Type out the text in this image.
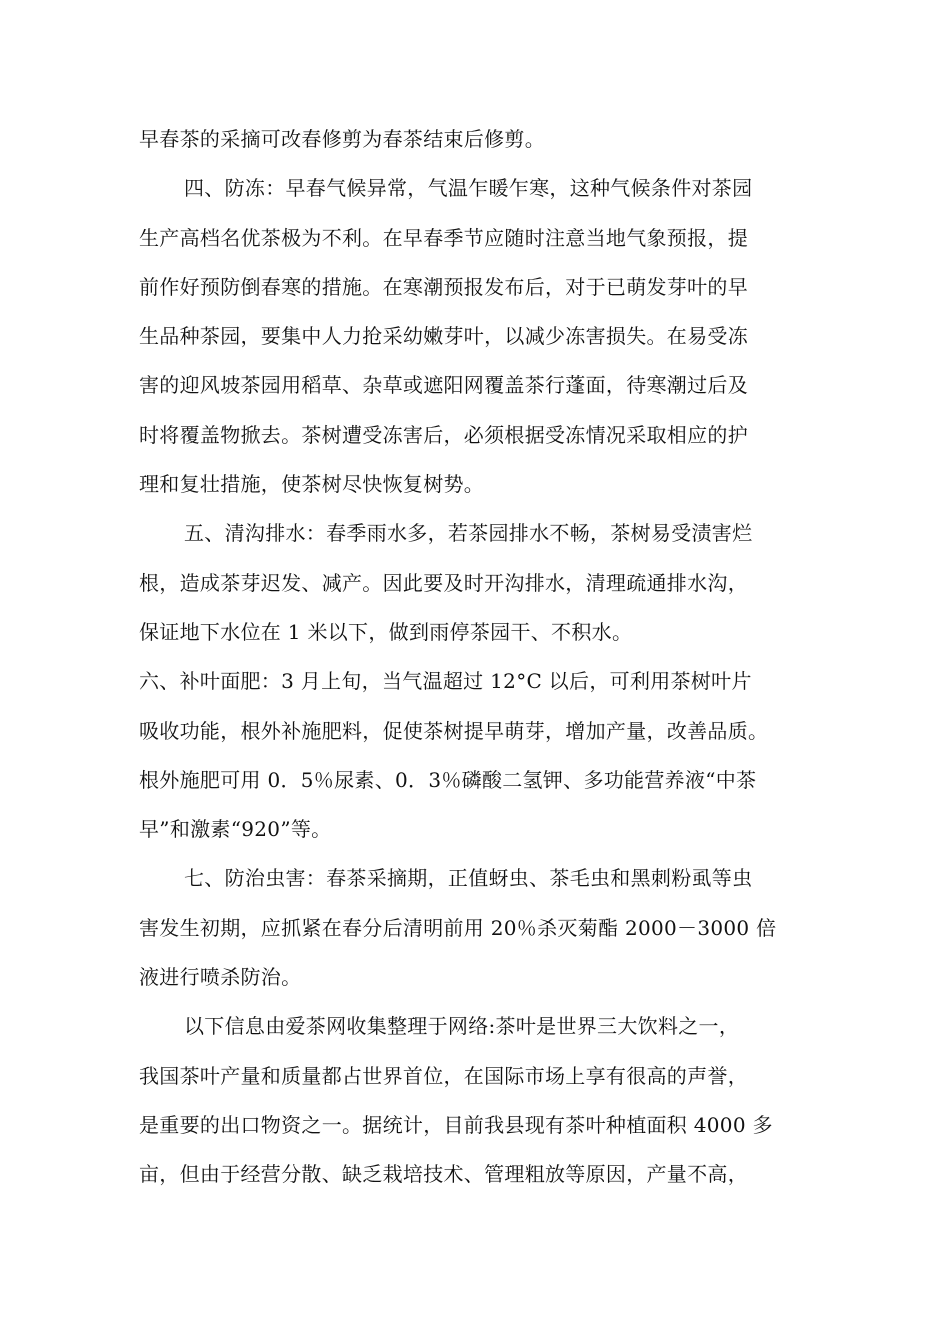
早春茶的采摘可改春修剪为春茶结束后修剪。
四、防冻：早春气候异常，气温乍暖乍寒，这种气候条件对茶园
生产高档名优茶极为不利。在早春季节应随时注意当地气象预报，提
前作好预防倒春寒的措施。在寒潮预报发布后，对于已萌发芽叶的早
生品种茶园，要集中人力抢采幼嫩芽叶，以减少冻害损失。在易受冻
害的迎风坡茶园用稻草、杂草或遮阳网覆盖茶行蓬面，待寒潮过后及
时将覆盖物掀去。茶树遭受冻害后，必须根据受冻情况采取相应的护
理和复壮措施，使茶树尽快恢复树势。
五、清沟排水：春季雨水多，若茶园排水不畅，茶树易受渍害烂
根，造成茶芽迟发、减产。因此要及时开沟排水，清理疏通排水沟，
保证地下水位在 1 米以下，做到雨停茶园干、不积水。
六、补叶面肥：3 月上旬，当气温超过 12°C 以后，可利用茶树叶片
吸收功能，根外补施肥料，促使茶树提早萌芽，增加产量，改善品质。
根外施肥可用 0．5％尿素、0．3％磷酸二氢钾、多功能营养液“中茶
早”和激素“920”等。
七、防治虫害：春茶采摘期，正值蚜虫、茶毛虫和黑刺粉虱等虫
害发生初期，应抓紧在春分后清明前用 20％杀灭菊酯 2000－3000 倍
液进行喷杀防治。
以下信息由爱茶网收集整理于网络:茶叶是世界三大饮料之一，
我国茶叶产量和质量都占世界首位，在国际市场上享有很高的声誉，
是重要的出口物资之一。据统计，目前我县现有茶叶种植面积 4000 多
亩，但由于经营分散、缺乏栽培技术、管理粗放等原因，产量不高，
